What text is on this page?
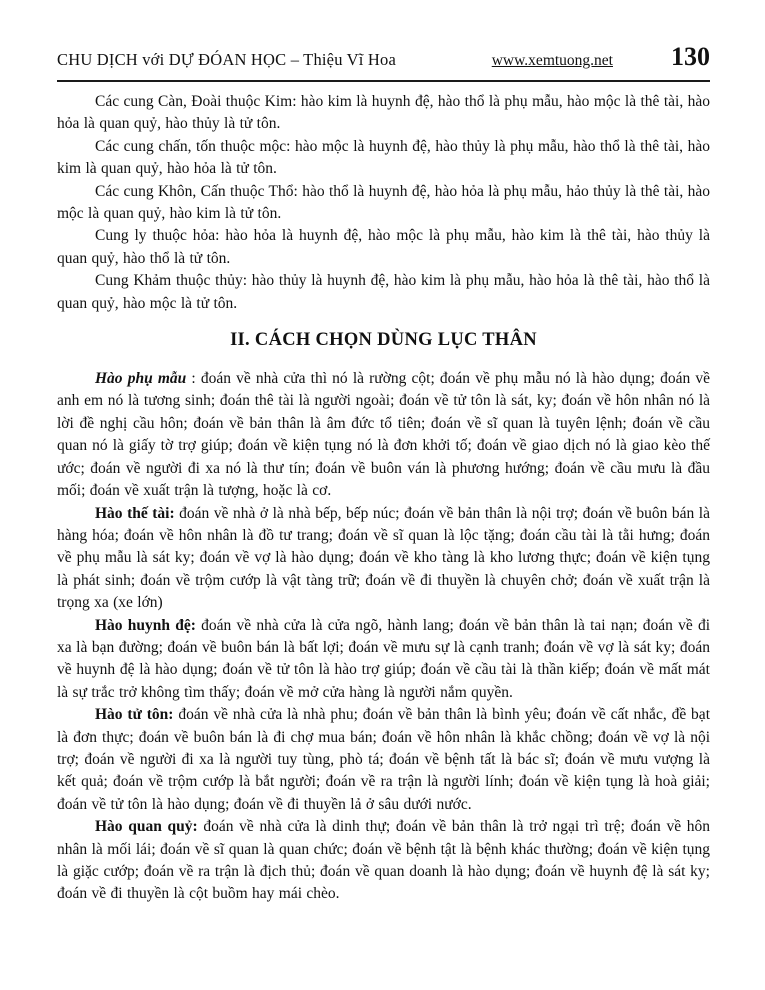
CHU DỊCH với DỰ ĐÓAN HỌC – Thiệu Vĩ Hoa	www.xemtuong.net 130

Các cung Càn, Đoài thuộc Kim: hào kim là huynh đệ, hào thổ là phụ mẫu, hào mộc là thê tài, hào hỏa là quan quỷ, hào thủy là tử tôn.

Các cung chấn, tốn thuộc mộc: hào mộc là huynh đệ, hào thủy là phụ mẫu, hào thổ là thê tài, hào kim là quan quỷ, hào hỏa là tử tôn.

Các cung Khôn, Cấn thuộc Thổ: hào thổ là huynh đệ, hào hỏa là phụ mẫu, hảo thủy là thê tài, hào mộc là quan quỷ, hào kim là tử tôn.

Cung ly thuộc hỏa: hào hỏa là huynh đệ, hào mộc là phụ mẫu, hào kim là thê tài, hào thủy là quan quỷ, hào thổ là tử tôn.

Cung Khảm thuộc thủy: hào thủy là huynh đệ, hào kim là phụ mẫu, hào hỏa là thê tài, hào thổ là quan quỷ, hào mộc là tử tôn.

II. CÁCH CHỌN DÙNG LỤC THÂN

Hào phụ mẫu : đoán về nhà cửa thì nó là rường cột; đoán về phụ mẫu nó là hào dụng; đoán về anh em nó là tương sinh; đoán thê tài là người ngoài; đoán về tử tôn là sát, ky; đoán về hôn nhân nó là lời đề nghị cầu hôn; đoán về bản thân là âm đức tổ tiên; đoán về sĩ quan là tuyên lệnh; đoán về cầu quan nó là giấy tờ trợ giúp; đoán về kiện tụng nó là đơn khởi tố; đoán về giao dịch nó là giao kèo thế ước; đoán về người đi xa nó là thư tín; đoán về buôn ván là phương hướng; đoán về cầu mưu là đầu mối; đoán về xuất trận là tượng, hoặc là cơ.

Hào thế tài: đoán về nhà ở là nhà bếp, bếp núc; đoán về bản thân là nội trợ; đoán về buôn bán là hàng hóa; đoán về hôn nhân là đồ tư trang; đoán về sĩ quan là lộc tặng; đoán cầu tài là tằi hưng; đoán về phụ mẫu là sát ky; đoán về vợ là hào dụng; đoán về kho tàng là kho lương thực; đoán về kiện tụng là phát sinh; đoán về trộm cướp là vật tàng trữ; đoán về đi thuyền là chuyên chở; đoán về xuất trận là trọng xa (xe lớn)

Hào huynh đệ: đoán về nhà cửa là cửa ngõ, hành lang; đoán về bản thân là tai nạn; đoán về đi xa là bạn đường; đoán về buôn bán là bất lợi; đoán về mưu sự là cạnh tranh; đoán về vợ là sát ky; đoán về huynh đệ là hào dụng; đoán về tử tôn là hào trợ giúp; đoán về cầu tài là thần kiếp; đoán về mất mát là sự trắc trở không tìm thấy; đoán về mở cửa hàng là người nắm quyền.

Hào tử tôn: đoán về nhà cửa là nhà phu; đoán về bản thân là bình yêu; đoán về cất nhắc, đề bạt là đơn thực; đoán về buôn bán là đi chợ mua bán; đoán về hôn nhân là khắc chồng; đoán về vợ là nội trợ; đoán về người đi xa là người tuy tùng, phò tá; đoán về bệnh tất là bác sĩ; đoán về mưu vượng là kết quả; đoán về trộm cướp là bắt người; đoán về ra trận là người lính; đoán về kiện tụng là hoà giải; đoán về tử tôn là hào dụng; đoán về đi thuyền lả ở sâu dưới nước.

Hào quan quỷ: đoán về nhà cửa là dinh thự; đoán về bản thân là trở ngại trì trệ; đoán về hôn nhân là mối lái; đoán về sĩ quan là quan chức; đoán về bệnh tật là bệnh khác thường; đoán về kiện tụng là giặc cướp; đoán về ra trận là địch thủ; đoán về quan doanh là hào dụng; đoán về huynh đệ là sát ky; đoán về đi thuyền là cột buồm hay mái chèo.
